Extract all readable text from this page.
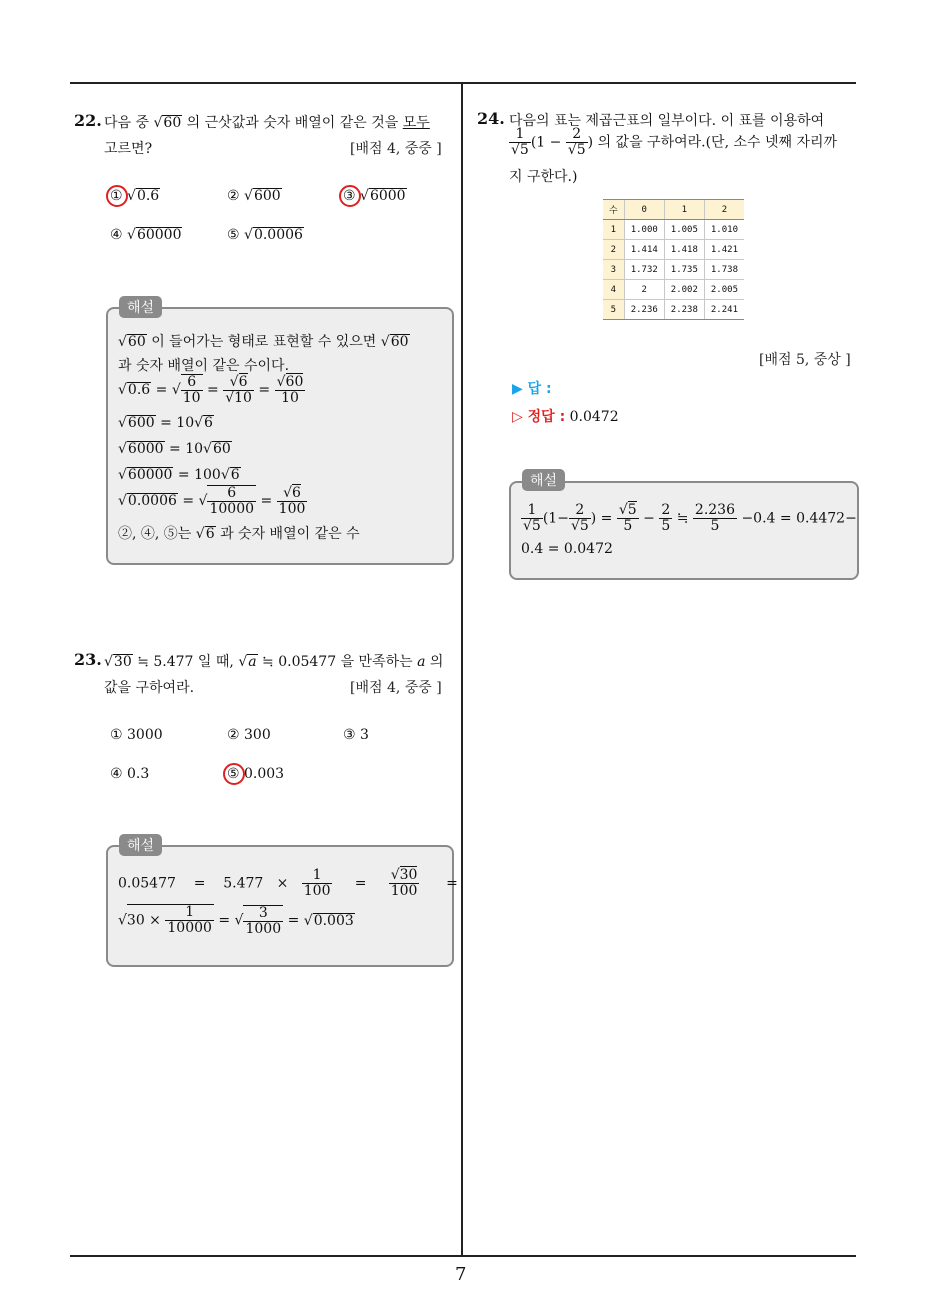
7
22. 다음 중 √60 의 근삿값과 숫자 배열이 같은 것을 모두
고르면?	[배점 4, 중중 ]
① √0.6	② √600	③ √6000
④ √60000	⑤ √0.0006
해설
√60 이 들어가는 형태로 표현할 수 있으면 √60
과 숫자 배열이 같은 수이다.
√0.6 = √ $\frac{6}{10} = \frac{√6}{√10} = \frac{√60}{10}$
√600 = 10√6
√6000 = 10√60
√60000 = 100√6
√0.0006 = √ $\frac{6}{10000} = \frac{√6}{100}$
②, ④, ⑤는 √6 과 숫자 배열이 같은 수
23. √30 ≒ 5.477 일 때, √a ≒ 0.05477 을 만족하는 a 의
값을 구하여라.	[배점 4, 중중 ]
① 3000	② 300	③ 3
④ 0.3	⑤ 0.003
해설
0.05477    =    $5.477 \times \frac{1}{100} = \frac{√30}{100}$ =
$√30 \times \frac{1}{10000}$ = √ $\frac{3}{1000} = √0.003$
24. 다음의 표는 제곱근표의 일부이다. 이 표를 이용하여
$\frac{1}{√5} (1 - \frac{2}{√5}$ ) 의 값을 구하여라.(단, 소수 넷째 자리까
지 구한다.)
수	0	1	2
1	1.000	1.005	1.010
2	1.414	1.418	1.421
3	1.732	1.735	1.738
4	2	2.002	2.005
5	2.236	2.238	2.241
[배점 5, 중상 ]
▶ 답 :
▷ 정답 : 0.0472
해설
$\frac{1}{√5} (1- \frac{2}{√5}$ ) = $\frac{√5}{5} - \frac{2}{5}$ ≒ $\frac{2.236}{5} -0.4 = 0.4472-$
0.4 = 0.0472
